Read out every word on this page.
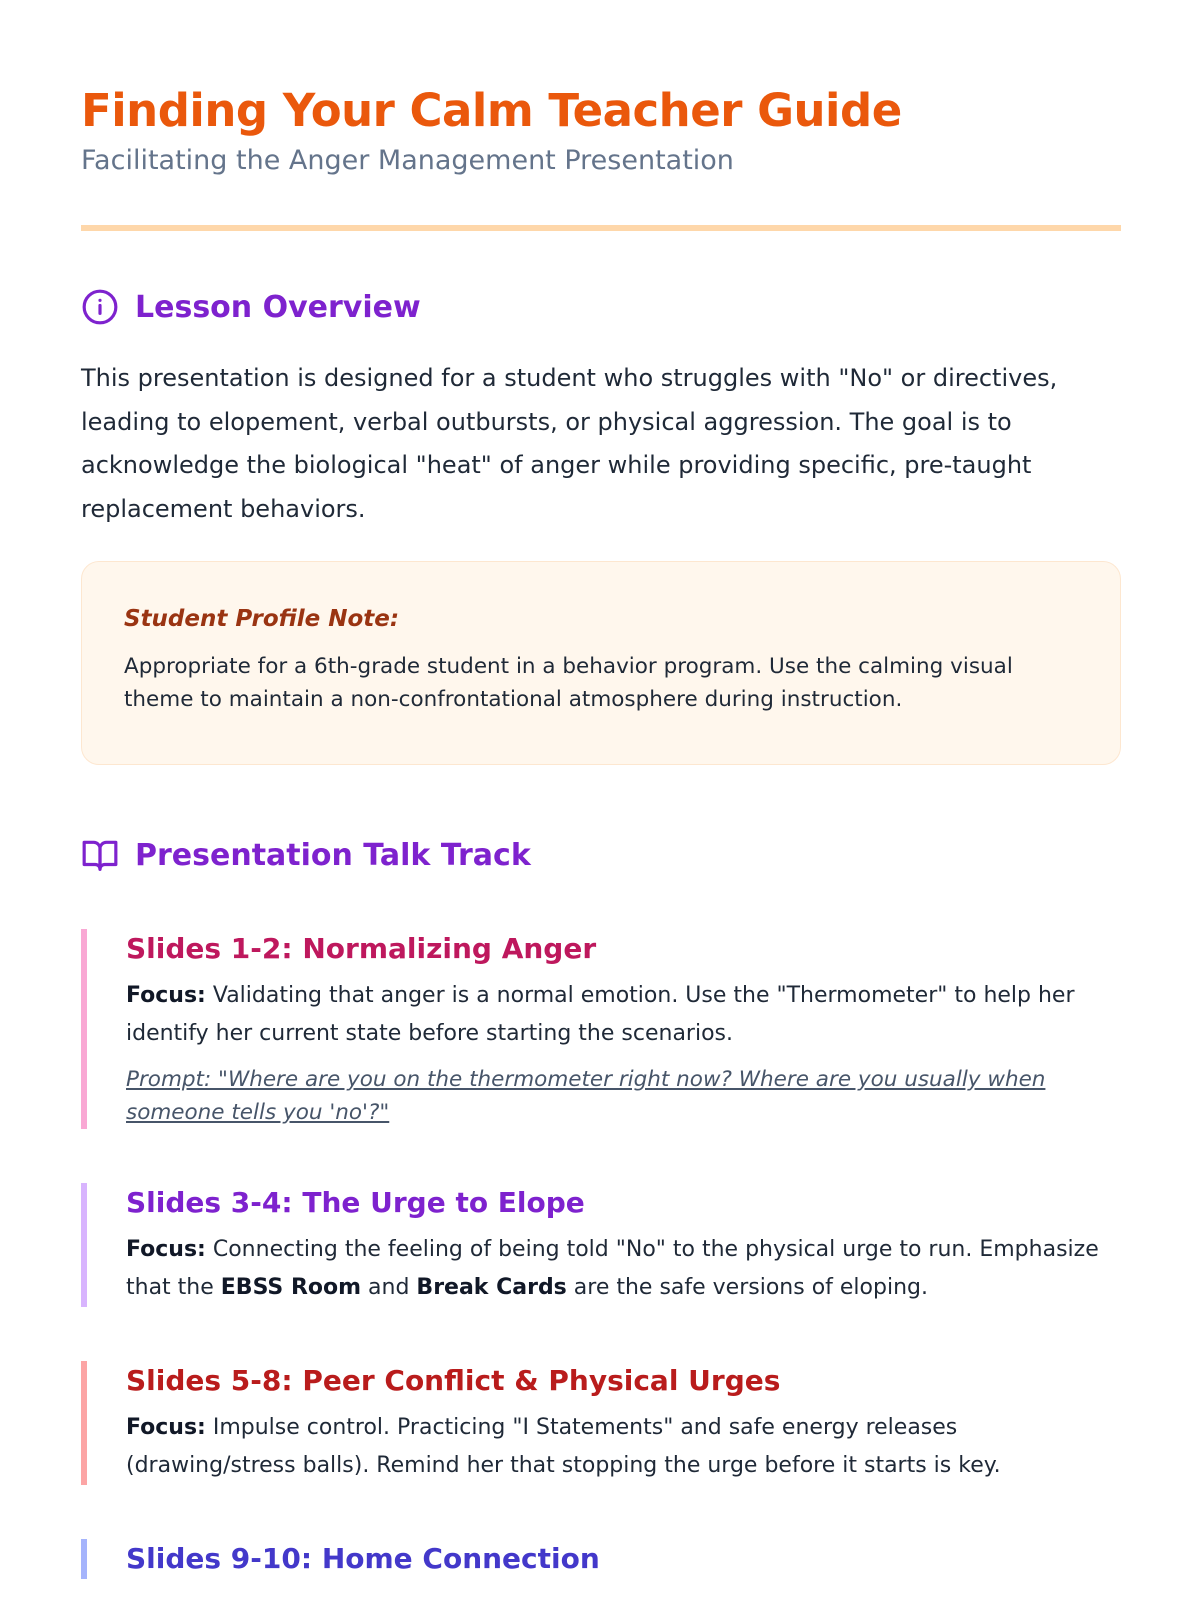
Finding Your Calm Teacher Guide
Facilitating the Anger Management Presentation
Lesson Overview

This presentation is designed for a student who struggles with "No" or directives, leading to elopement, verbal outbursts, or physical aggression. The goal is to acknowledge the biological "heat" of anger while providing specific, pre-taught replacement behaviors.

Student Profile Note:
Appropriate for a 6th-grade student in a behavior program. Use the calming visual theme to maintain a non-confrontational atmosphere during instruction.
Presentation Talk Track
Slides 1-2: Normalizing Anger

Focus: Validating that anger is a normal emotion. Use the "Thermometer" to help her identify her current state before starting the scenarios.

Prompt: "Where are you on the thermometer right now? Where are you usually when someone tells you 'no'?"

Slides 3-4: The Urge to Elope

Focus: Connecting the feeling of being told "No" to the physical urge to run. Emphasize that the EBSS Room and Break Cards are the safe versions of eloping.

Slides 5-8: Peer Conflict & Physical Urges

Focus: Impulse control. Practicing "I Statements" and safe energy releases (drawing/stress balls). Remind her that stopping the urge before it starts is key.

Slides 9-10: Home Connection
